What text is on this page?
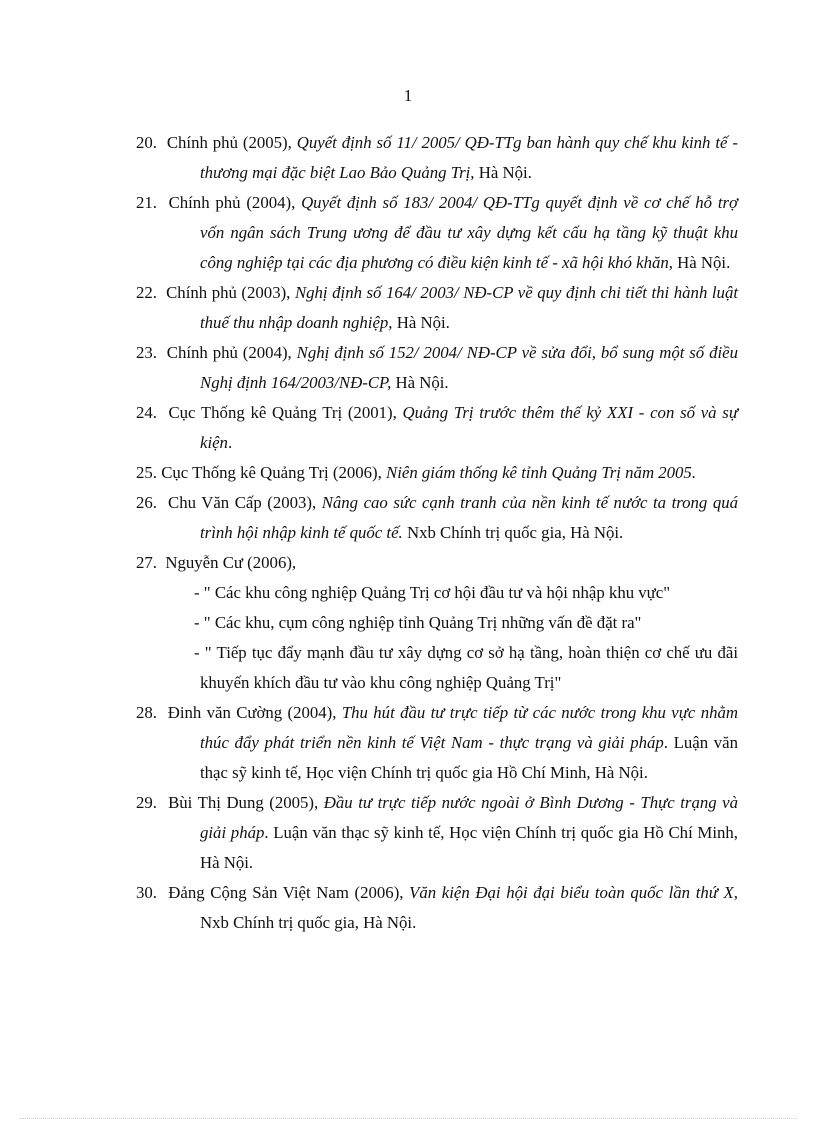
1

20. Chính phủ (2005), Quyết định số 11/ 2005/ QĐ-TTg ban hành quy chế khu kinh tế - thương mại đặc biệt Lao Bảo Quảng Trị, Hà Nội.

21. Chính phủ (2004), Quyết định số 183/ 2004/ QĐ-TTg quyết định về cơ chế hỗ trợ vốn ngân sách Trung ương để đầu tư xây dựng kết cấu hạ tầng kỹ thuật khu công nghiệp tại các địa phương có điều kiện kinh tế - xã hội khó khăn, Hà Nội.

22. Chính phủ (2003), Nghị định số 164/ 2003/ NĐ-CP về quy định chi tiết thi hành luật thuế thu nhập doanh nghiệp, Hà Nội.

23. Chính phủ (2004), Nghị định số 152/ 2004/ NĐ-CP về sửa đổi, bổ sung một số điều Nghị định 164/2003/NĐ-CP, Hà Nội.

24. Cục Thống kê Quảng Trị (2001), Quảng Trị trước thêm thế kỷ XXI - con số và sự kiện.

25. Cục Thống kê Quảng Trị (2006), Niên giám thống kê tỉnh Quảng Trị năm 2005.

26. Chu Văn Cấp (2003), Nâng cao sức cạnh tranh của nền kinh tế nước ta trong quá trình hội nhập kinh tế quốc tế. Nxb Chính trị quốc gia, Hà Nội.

27. Nguyễn Cư (2006),

- " Các khu công nghiệp Quảng Trị cơ hội đầu tư và hội nhập khu vực"

- " Các khu, cụm công nghiệp tỉnh Quảng Trị những vấn đề đặt ra"

- " Tiếp tục đẩy mạnh đầu tư xây dựng cơ sở hạ tầng, hoàn thiện cơ chế ưu đãi khuyến khích đầu tư vào khu công nghiệp Quảng Trị"

28. Đinh văn Cường (2004), Thu hút đầu tư trực tiếp từ các nước trong khu vực nhằm thúc đẩy phát triển nền kinh tế Việt Nam - thực trạng và giải pháp. Luận văn thạc sỹ kinh tế, Học viện Chính trị quốc gia Hồ Chí Minh, Hà Nội.

29. Bùi Thị Dung (2005), Đầu tư trực tiếp nước ngoài ở Bình Dương - Thực trạng và giải pháp. Luận văn thạc sỹ kinh tế, Học viện Chính trị quốc gia Hồ Chí Minh, Hà Nội.

30. Đảng Cộng Sản Việt Nam (2006), Văn kiện Đại hội đại biểu toàn quốc lần thứ X, Nxb Chính trị quốc gia, Hà Nội.
